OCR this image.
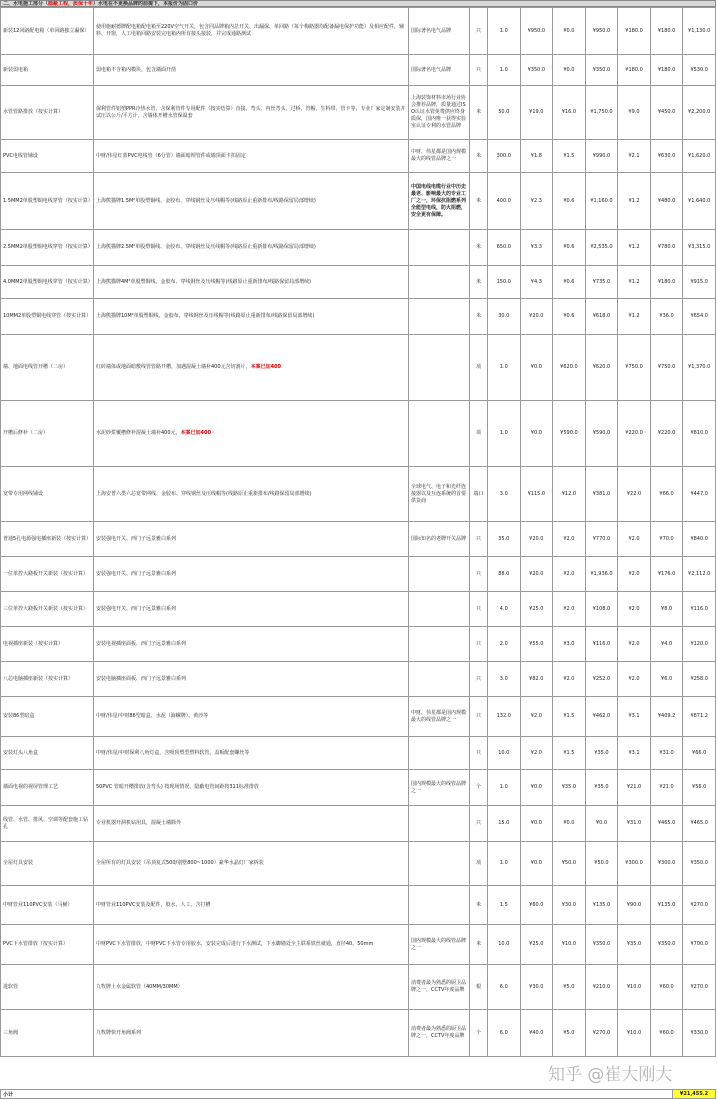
二、水电施工部分（隐蔽工程，质保十年）水电在不更换品牌的前提下，本报价为固口价
新装12回路配电箱（单回路独立漏保）	使用施耐德牌配电箱配电箱至220V空气开关，包含同品牌箱内总开关、出漏保、单回路（每个梅路器均配备漏电保护功能）及相应配件，辅料、开窗，人工电箱回路安装完电箱内所有接头接驳，并完成通路测试	国际著名电气品牌	只	1.0	¥950.0	¥0.0	¥950.0	¥180.0	¥180.0	¥1,130.0
新装弱电箱	弱电箱不含箱内模块，包含墙面开凿	国际著名电气品牌	只	1.0	¥350.0	¥0.0	¥350.0	¥180.0	¥180.0	¥530.0
水管管路排放（按实计算）	保利管件铝塑PPR冷热水管，含保利管件专用配件（按实结算）直接、弯头、内丝弯头、过桥、管帽、生料带、管卡等，专业厂家定制安装并试压以公斤/平方计，含墙体开槽水管保温套	上海装饰材料市场行业协会推荐品牌，质量通过ISO认证水管免费供应终身质保，国内唯一获得实验室认证专利的水管品牌	米	50.0	¥19.0	¥16.0	¥1,750.0	¥9.0	¥450.0	¥2,200.0
PVC电线管铺设	中财/伟星红蓝PVC电线管（6分管）墙面暗埋管件或墙顶面卡扣固定	中财、伟星都是国内规模最大的线管品牌之一	米	300.0	¥1.8	¥1.5	¥990.0	¥2.1	¥630.0	¥1,620.0
1.5MM2单股塑铜电线穿管（按实计算）	上海熊猫牌1.5M²单股塑铜线、金胶布、穿线钢丝及压线帽等(线路原止重新排布/线路保留局部增续)	中国电线电缆行业中历史最老、影响最大的专业工厂之一，环保抗阻燃系列全能型电线，防火阻燃，安全更有保障。	米	400.0	¥2.3	¥0.6	¥1,160.0	¥1.2	¥480.0	¥1,640.0
2.5MM2单股塑铜电线穿管（按实计算）	上海熊猫牌2.5M²单股塑铜线、金胶布、穿线钢丝及压线帽等(线路原止重新排布/线路保留局部增续)		米	650.0	¥3.3	¥0.6	¥2,535.0	¥1.2	¥780.0	¥3,315.0
4.0MM2单股塑铜电线穿管（按实计算）	上海熊猫牌4M²单股塑铜线、金胶布、穿线钢丝及压线帽等(线路原止重新排布/线路保留局部增续)		米	150.0	¥4.3	¥0.6	¥735.0	¥1.2	¥180.0	¥915.0
10MM2单股塑铜电线穿管（按实计算）	上海熊猫牌10M²单股塑铜线、金胶布、穿线钢丝及压线帽等(线路原止重新排布/线路保留局部增续)		米	30.0	¥20.0	¥0.6	¥618.0	¥1.2	¥36.0	¥654.0
墙、地面电线管开槽（二房）	红砖墙体或地面暗敷线管管路开槽，加遇混凝土墙补400元含切割片，本案已加400		项	1.0	¥0.0	¥620.0	¥620.0	¥750.0	¥750.0	¥1,370.0
开槽后修补（二房）	水泥砂浆覆槽修补混凝土墙补400元，本案已加400		项	1.0	¥0.0	¥590.0	¥590.0	¥220.0	¥220.0	¥810.0
宽带专用网线铺设	上海安普六类六芯宽带网线、金胶布、穿线钢丝及压线帽等(线路原止重新排布/线路保留局部增续)	全球电气、电子和光纤连接器以及互连系统的首要供货商	端口	3.0	¥115.0	¥12.0	¥381.0	¥22.0	¥66.0	¥447.0
普通5孔电源强电插座新装（按实计算）	安装强电开关、西门子远景雅白系列	国际知名的老牌开关品牌	只	35.0	¥20.0	¥2.0	¥770.0	¥2.0	¥70.0	¥840.0
一位单控大跷板开关新装（按实计算）	安装强电开关、西门子远景雅白系列		只	88.0	¥20.0	¥2.0	¥1,936.0	¥2.0	¥176.0	¥2,112.0
三位单控大跷板开关新装（按实计算）	安装强电开关、西门子远景雅白系列		只	4.0	¥25.0	¥2.0	¥108.0	¥2.0	¥8.0	¥116.0
电视插座新装（按实计算）	安装电视插座面板、西门子远景雅白系列		只	2.0	¥55.0	¥3.0	¥116.0	¥2.0	¥4.0	¥120.0
八芯电脑插座新装（按实计算）	安装电脑插座面板、西门子远景雅白系列		只	3.0	¥82.0	¥2.0	¥252.0	¥2.0	¥6.0	¥258.0
安装86型暗盒	中财/伟星/中财86型暗盒、水泥（海螺牌）、黄沙等	中财、伟星都是国内规模最大的线管品牌之一	只	132.0	¥2.0	¥1.5	¥462.0	¥3.1	¥409.2	¥871.2
安装灯头八角盒	中财/伟星/中财保利八角灯盒，含吸顶塑型塑料软管，盖板配套螺丝等		只	10.0	¥2.0	¥1.5	¥35.0	¥3.1	¥31.0	¥66.0
墙面电视的视屏管理工艺	50PVC 管暗开槽排放(含弯头) 按现场情况，隐蔽电管间距按311标准排放	国内规模最大的线管品牌之一	个	1.0	¥0.0	¥35.0	¥35.0	¥21.0	¥21.0	¥56.0
线管、水管、排风、空调等配套施工钻孔	专业机器开洞机钻用具，混凝土墙除外		只	15.0	¥0.0	¥0.0	¥0.0	¥31.0	¥465.0	¥465.0
全屋灯具安装	全屋所有的灯具安装（吊顶复式500/别墅800~1000）豪华水晶灯厂家拆装		项	1.0	¥0.0	¥50.0	¥50.0	¥300.0	¥300.0	¥350.0
中财管业110PVC安装（马桶）	中财管业110PVC安装及配件，胶水，人工，含打槽		米	1.5	¥60.0	¥30.0	¥135.0	¥90.0	¥135.0	¥270.0
PVC下水管排放（按实计算）	中财PVC下水管排放，中财PVC下水管专用胶水，安装完成后进行下水测试，下水脚墙处全主联系铁丝就通，直径40、50mm	国内规模最大的线管品牌之一	米	10.0	¥25.0	¥10.0	¥350.0	¥35.0	¥350.0	¥700.0
进软管	九牧牌上水金属软管（40MM/30MM）	消费者最为熟悉的厨卫品牌之一，CCTV年度品牌	根	6.0	¥30.0	¥5.0	¥210.0	¥10.0	¥60.0	¥270.0
三角阀	九牧牌快开角阀系列	消费者最为熟悉的厨卫品牌之一，CCTV年度品牌	个	6.0	¥40.0	¥5.0	¥270.0	¥10.0	¥60.0	¥330.0
小计	¥21,455.2
知乎 @崔大刚大
